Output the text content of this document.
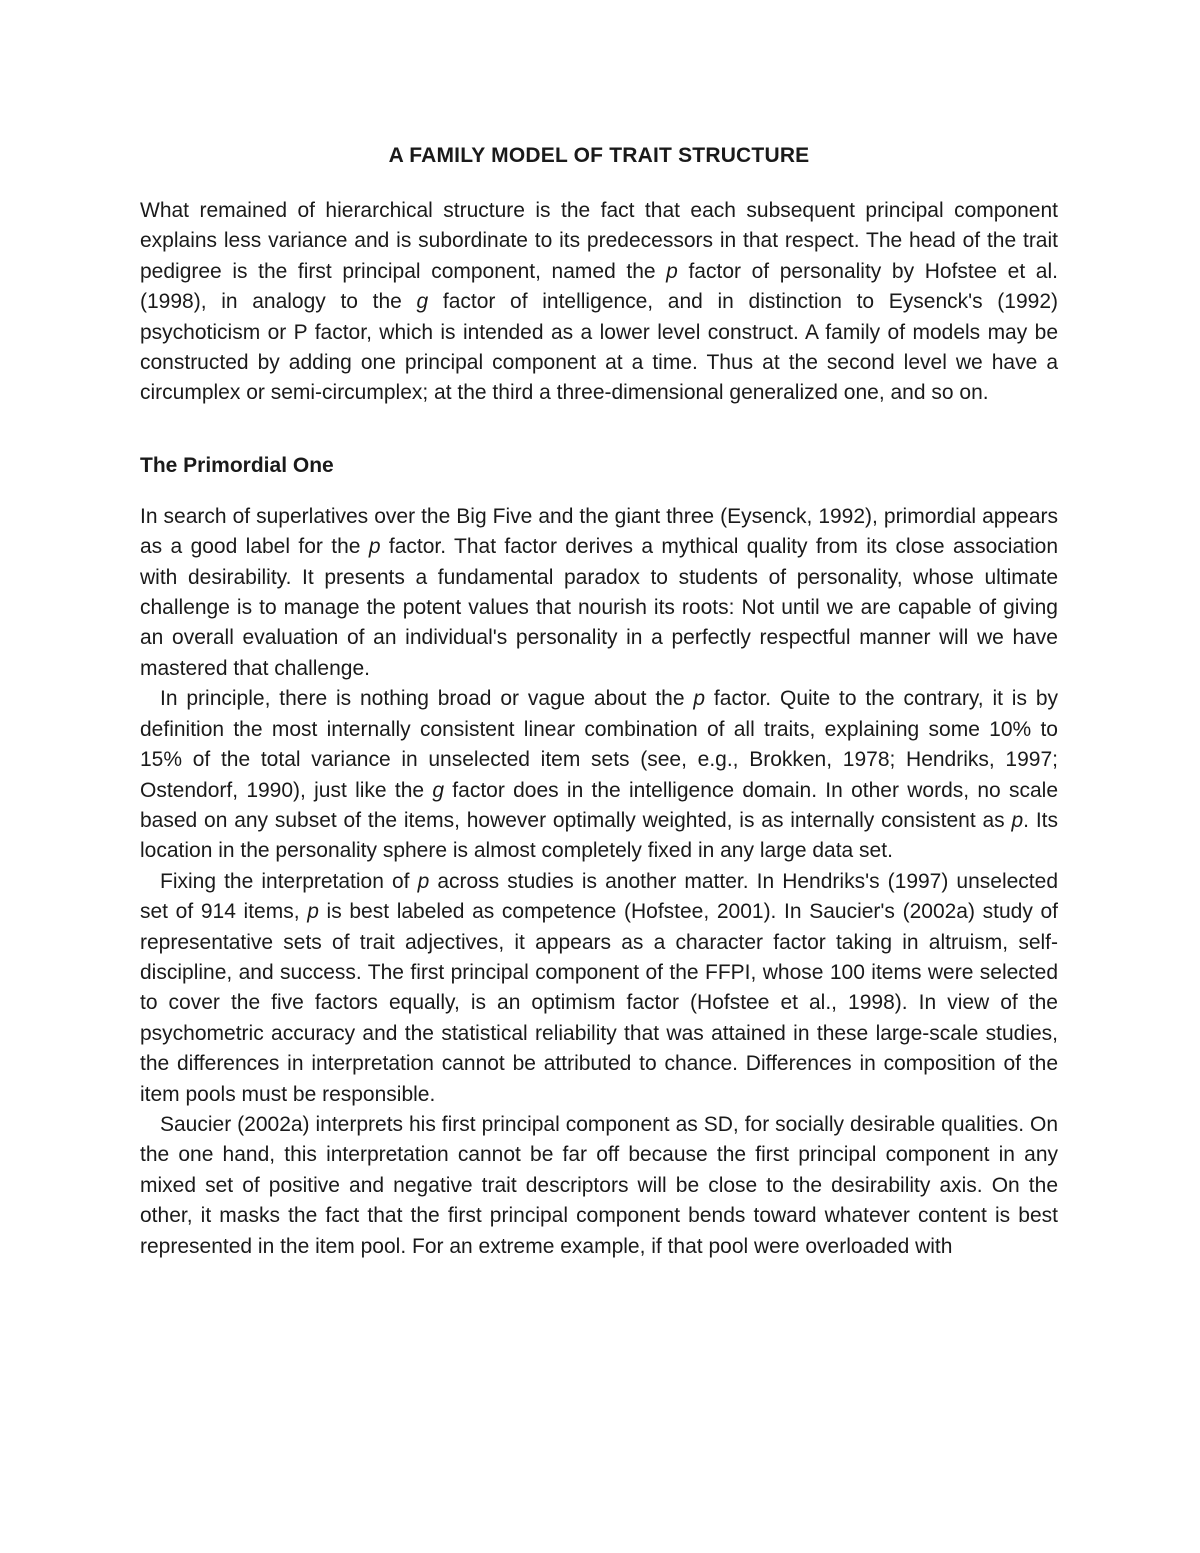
A FAMILY MODEL OF TRAIT STRUCTURE

What remained of hierarchical structure is the fact that each subsequent principal component explains less variance and is subordinate to its predecessors in that respect. The head of the trait pedigree is the first principal component, named the p factor of personality by Hofstee et al. (1998), in analogy to the g factor of intelligence, and in distinction to Eysenck's (1992) psychoticism or P factor, which is intended as a lower level construct. A family of models may be constructed by adding one principal component at a time. Thus at the second level we have a circumplex or semi-circumplex; at the third a three-dimensional generalized one, and so on.

The Primordial One

In search of superlatives over the Big Five and the giant three (Eysenck, 1992), primordial appears as a good label for the p factor. That factor derives a mythical quality from its close association with desirability. It presents a fundamental paradox to students of personality, whose ultimate challenge is to manage the potent values that nourish its roots: Not until we are capable of giving an overall evaluation of an individual's personality in a perfectly respectful manner will we have mastered that challenge.

In principle, there is nothing broad or vague about the p factor. Quite to the contrary, it is by definition the most internally consistent linear combination of all traits, explaining some 10% to 15% of the total variance in unselected item sets (see, e.g., Brokken, 1978; Hendriks, 1997; Ostendorf, 1990), just like the g factor does in the intelligence domain. In other words, no scale based on any subset of the items, however optimally weighted, is as internally consistent as p. Its location in the personality sphere is almost completely fixed in any large data set.

Fixing the interpretation of p across studies is another matter. In Hendriks's (1997) unselected set of 914 items, p is best labeled as competence (Hofstee, 2001). In Saucier's (2002a) study of representative sets of trait adjectives, it appears as a character factor taking in altruism, self-discipline, and success. The first principal component of the FFPI, whose 100 items were selected to cover the five factors equally, is an optimism factor (Hofstee et al., 1998). In view of the psychometric accuracy and the statistical reliability that was attained in these large-scale studies, the differences in interpretation cannot be attributed to chance. Differences in composition of the item pools must be responsible.

Saucier (2002a) interprets his first principal component as SD, for socially desirable qualities. On the one hand, this interpretation cannot be far off because the first principal component in any mixed set of positive and negative trait descriptors will be close to the desirability axis. On the other, it masks the fact that the first principal component bends toward whatever content is best represented in the item pool. For an extreme example, if that pool were overloaded with
